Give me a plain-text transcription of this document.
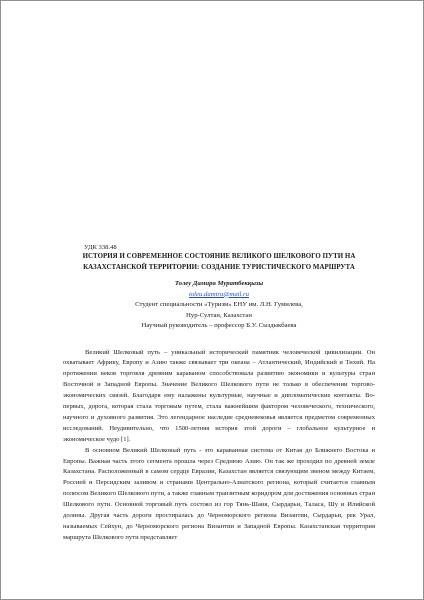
УДК 338.48
ИСТОРИЯ И СОВРЕМЕННОЕ СОСТОЯНИЕ ВЕЛИКОГО ШЕЛКОВОГО ПУТИ НА КАЗАХСТАНСКОЙ ТЕРРИТОРИИ: СОЗДАНИЕ ТУРИСТИЧЕСКОГО МАРШРУТА
Толеу Дамира Муратбекқызы
toleu.damira@mail.ru
Студент специальности «Туризм» ЕНУ им. Л.Н. Гумилева,
Нур-Султан, Казахстан
Научный руководитель – профессор Б.У. Сыздыкбаева

Великий Шелковый путь – уникальный исторический памятник человеческой цивилизации. Он охватывает Африку, Европу и Азию также связывает три океана – Атлантический, Индийский и Тихий. На протяжении веков торговля древним караваном способствовала развитию экономики и культуры стран Восточной и Западной Европы. Значение Великого Шелкового пути не только в обеспечении торгово-экономических связей. Благодаря ему налажены культурные, научные и дипломатические контакты. Во-первых, дорога, которая стала торговым путем, стала важнейшим фактором человеческого, технического, научного и духовного развития. Это легендарное наследие средневековья является предметом современных исследований. Неудивительно, что 1500-летняя история этой дороги – глобальное культурное и экономическое чудо [1].

В основном Великий Шелковый путь - это караванная система от Китая до Ближнего Востока и Европы. Важная часть этого сегмента прошла через Среднюю Азию. Он так же проходил по древней земле Казахстана. Расположенный в самом сердце Евразии, Казахстан является связующим звеном между Китаем, Россией и Персидским заливом и странами Центрально-Азиатского региона, который считается главным полюсом Великого Шелкового пути, а также главным транзитным коридором для достижения основных стран Шелкового пути. Основной торговый путь состоял из гор Тянь-Шаня, Сырдарьи, Таласа, Шу и Илийской долины. Другая часть дороги простиралась до Черноморского региона Византии, Сырдарьи, рек Урал, называемых Сейхун, до Черноморского региона Византии и Западной Европы. Казахстанская территория маршрута Шелкового пути представляет
